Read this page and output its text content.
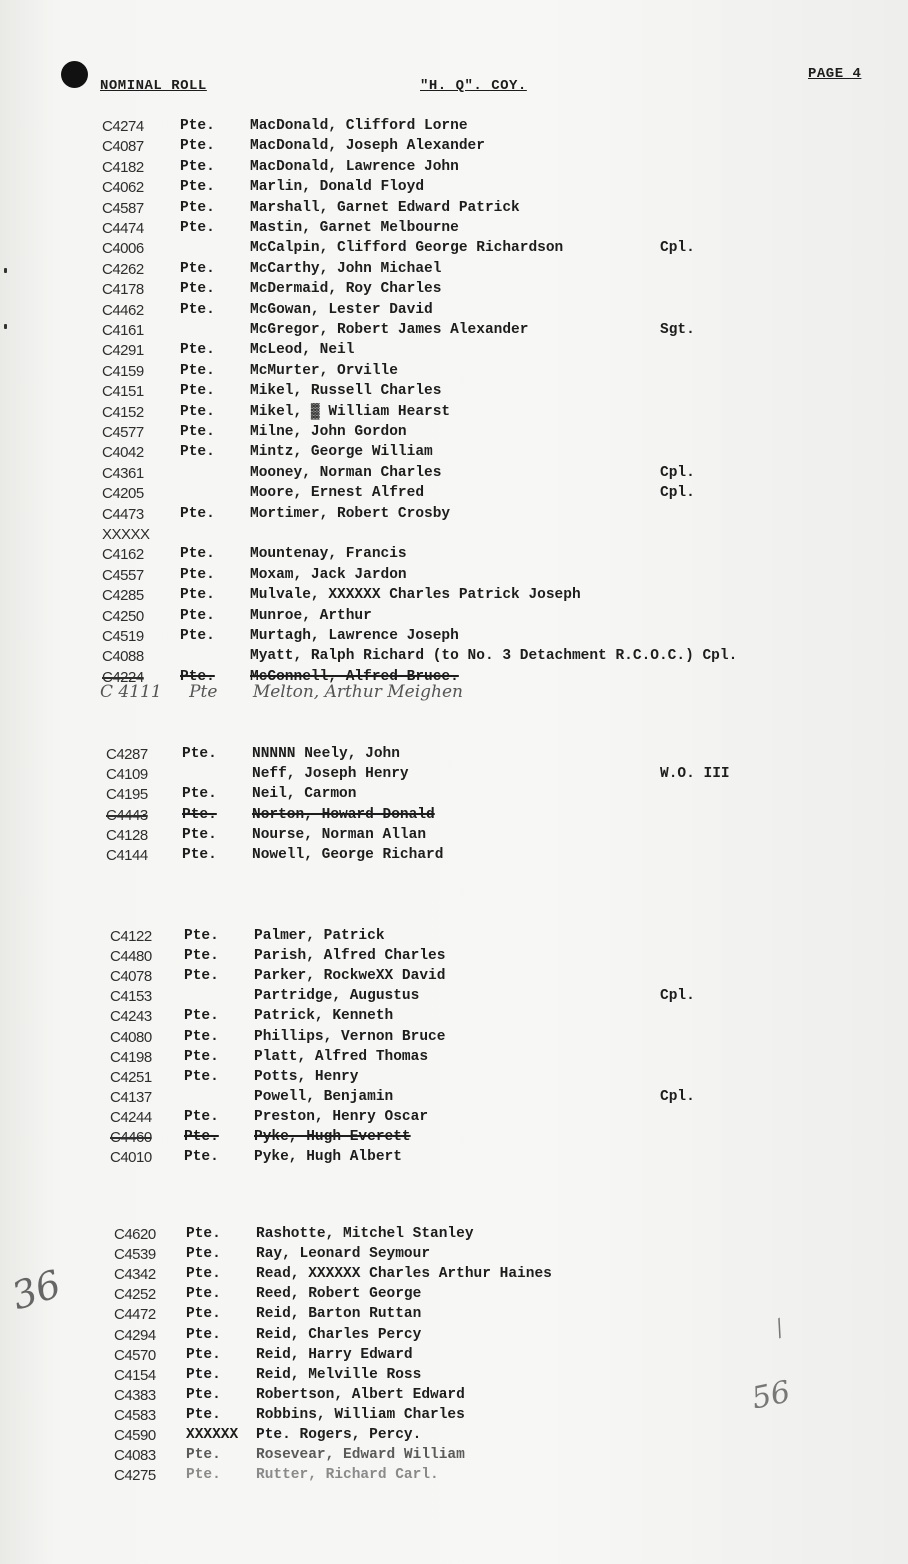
NOMINAL ROLL	"H. Q". COY.
PAGE 4
C4274	Pte. MacDonald, Clifford Lorne
C4087	Pte. MacDonald, Joseph Alexander
C4182	Pte. MacDonald, Lawrence John
C4062	Pte. Marlin, Donald Floyd
C4587	Pte. Marshall, Garnet Edward Patrick
C4474	Pte. Mastin, Garnet Melbourne
C4006	McCalpin, Clifford George Richardson	Cpl.
C4262	Pte. McCarthy, John Michael
C4178	Pte. McDermaid, Roy Charles
C4462	Pte. McGowan, Lester David
C4161	McGregor, Robert James Alexander	Sgt.
C4291	Pte. McLeod, Neil
C4159	Pte. McMurter, Orville
C4151	Pte. Mikel, Russell Charles
C4152	Pte. Mikel, ▓ William Hearst
C4577	Pte. Milne, John Gordon
C4042	Pte. Mintz, George William
C4361	Mooney, Norman Charles	Cpl.
C4205	Moore, Ernest Alfred	Cpl.
C4473	Pte. Mortimer, Robert Crosby
XXXXX
C4162	Pte. Mountenay, Francis
C4557	Pte. Moxam, Jack Jardon
C4285	Pte. Mulvale, XXXXXX Charles Patrick Joseph
C4250	Pte. Munroe, Arthur
C4519	Pte. Murtagh, Lawrence Joseph
C4088	Myatt, Ralph Richard (to No. 3 Detachment R.C.O.C.) Cpl.
C4224	Pte. McConnell, Alfred Bruce.
C4287 Pte. NNNNN Neely, John
C4109	Neff, Joseph Henry	W.O. III
C4195 Pte. Neil, Carmon
C4443 Pte. Norton, Howard Donald
C4128 Pte. Nourse, Norman Allan
C4144 Pte. Nowell, George Richard
C4122 Pte. Palmer, Patrick
C4480 Pte. Parish, Alfred Charles
C4078 Pte. Parker, RockweXX David
C4153	Partridge, Augustus	Cpl.
C4243 Pte. Patrick, Kenneth
C4080 Pte. Phillips, Vernon Bruce
C4198 Pte. Platt, Alfred Thomas
C4251 Pte. Potts, Henry
C4137	Powell, Benjamin	Cpl.
C4244 Pte. Preston, Henry Oscar
C4460 Pte. Pyke, Hugh Everett
C4010 Pte. Pyke, Hugh Albert
C4620 Pte. Rashotte, Mitchel Stanley
C4539 Pte. Ray, Leonard Seymour
C4342 Pte. Read, XXXXXX Charles Arthur Haines
C4252 Pte. Reed, Robert George
C4472 Pte. Reid, Barton Ruttan
C4294 Pte. Reid, Charles Percy
C4570 Pte. Reid, Harry Edward
C4154 Pte. Reid, Melville Ross
C4383 Pte. Robertson, Albert Edward
C4583 Pte. Robbins, William Charles
C4590 XXXXXX Pte. Rogers, Percy.
C4083 Pte. Rosevear, Edward William
C4275 Pte. Rutter, Richard Carl.
C 4111 Pte Melton, Arthur Meighen
36
56
/
